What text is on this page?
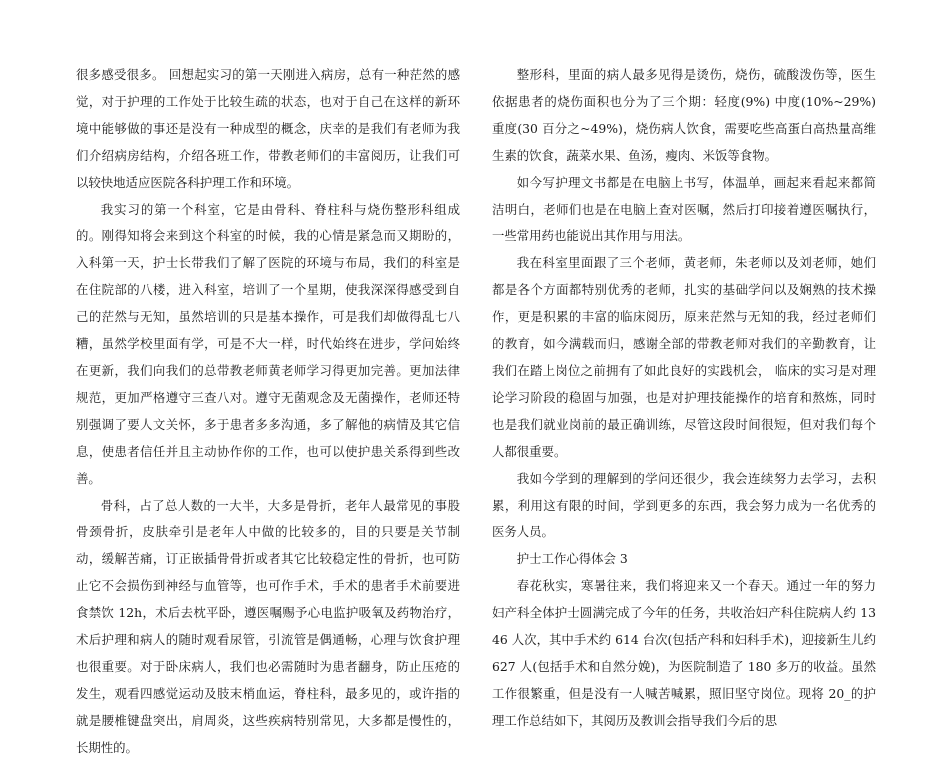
很多感受很多。 回想起实习的第一天刚进入病房，总有一种茫然的感觉，对于护理的工作处于比较生疏的状态，也对于自己在这样的新环境中能够做的事还是没有一种成型的概念，庆幸的是我们有老师为我们介绍病房结构，介绍各班工作，带教老师们的丰富阅历，让我们可以较快地适应医院各科护理工作和环境。

我实习的第一个科室，它是由骨科、脊柱科与烧伤整形科组成的。刚得知将会来到这个科室的时候，我的心情是紧急而又期盼的，入科第一天，护士长带我们了解了医院的环境与布局，我们的科室是在住院部的八楼，进入科室，培训了一个星期，使我深深得感受到自己的茫然与无知，虽然培训的只是基本操作，可是我们却做得乱七八糟，虽然学校里面有学，可是不大一样，时代始终在进步，学问始终在更新，我们向我们的总带教老师黄老师学习得更加完善。更加法律规范，更加严格遵守三查八对。遵守无菌观念及无菌操作，老师还特别强调了要人文关怀，多于患者多多沟通，多了解他的病情及其它信息，使患者信任并且主动协作你的工作，也可以使护患关系得到些改善。

骨科，占了总人数的一大半，大多是骨折，老年人最常见的事股骨颈骨折，皮肤牵引是老年人中做的比较多的，目的只要是关节制动，缓解苦痛，订正嵌插骨骨折或者其它比较稳定性的骨折，也可防止它不会损伤到神经与血管等，也可作手术，手术的患者手术前要进食禁饮 12h，术后去枕平卧，遵医嘱赐予心电监护吸氧及药物治疗，术后护理和病人的随时观看尿管，引流管是偶通畅，心理与饮食护理也很重要。对于卧床病人，我们也必需随时为患者翻身，防止压疮的发生，观看四感觉运动及肢末梢血运，脊柱科，最多见的，或许指的就是腰椎键盘突出，肩周炎，这些疾病特别常见，大多都是慢性的，长期性的。

整形科，里面的病人最多见得是烫伤，烧伤，硫酸泼伤等，医生依据患者的烧伤面积也分为了三个期：轻度(9%) 中度(10%~29%) 重度(30 百分之~49%)，烧伤病人饮食，需要吃些高蛋白高热量高维生素的饮食，蔬菜水果、鱼汤，瘦肉、米饭等食物。

如今写护理文书都是在电脑上书写，体温单，画起来看起来都简洁明白，老师们也是在电脑上查对医嘱，然后打印接着遵医嘱执行，一些常用药也能说出其作用与用法。

我在科室里面跟了三个老师，黄老师，朱老师以及刘老师，她们都是各个方面都特别优秀的老师，扎实的基础学问以及娴熟的技术操作，更是积累的丰富的临床阅历，原来茫然与无知的我，经过老师们的教育，如今满载而归，感谢全部的带教老师对我们的辛勤教育，让我们在踏上岗位之前拥有了如此良好的实践机会， 临床的实习是对理论学习阶段的稳固与加强，也是对护理技能操作的培育和熬炼，同时也是我们就业岗前的最正确训练，尽管这段时间很短，但对我们每个人都很重要。

我如今学到的理解到的学问还很少，我会连续努力去学习，去积累，利用这有限的时间，学到更多的东西，我会努力成为一名优秀的医务人员。

护士工作心得体会 3

春花秋实，寒暑往来，我们将迎来又一个春天。通过一年的努力妇产科全体护士圆满完成了今年的任务，共收治妇产科住院病人约 1346 人次，其中手术约 614 台次(包括产科和妇科手术)，迎接新生儿约 627 人(包括手术和自然分娩)，为医院制造了 180 多万的收益。虽然工作很繁重，但是没有一人喊苦喊累，照旧坚守岗位。现将 20_的护理工作总结如下，其阅历及教训会指导我们今后的思
